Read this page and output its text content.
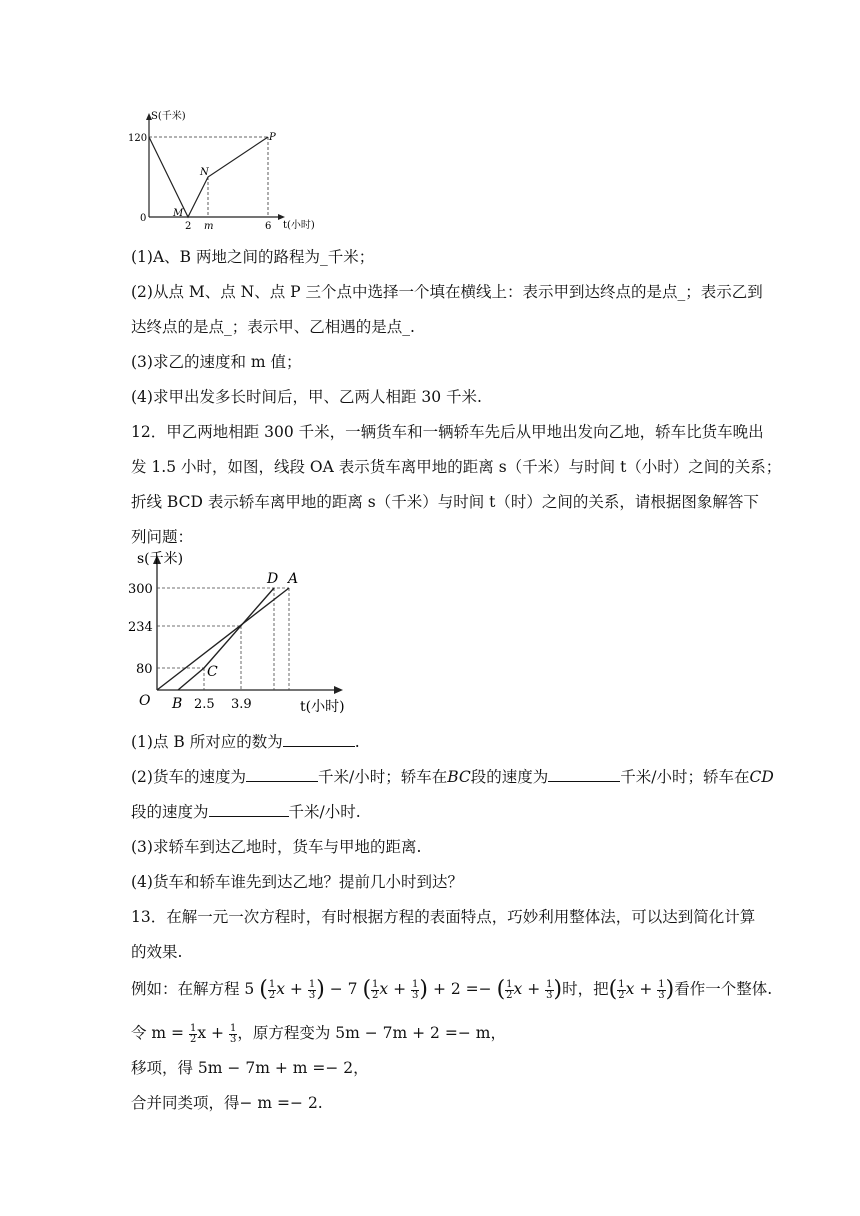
S(千米)
t(小时)
120
0
2 m	6
M
N
P
(1)A、B 两地之间的路程为_千米；
(2)从点 M、点 N、点 P 三个点中选择一个填在横线上：表示甲到达终点的是点_；表示乙到
达终点的是点_；表示甲、乙相遇的是点_.
(3)求乙的速度和 m 值；
(4)求甲出发多长时间后，甲、乙两人相距 30 千米.
12．甲乙两地相距 300 千米，一辆货车和一辆轿车先后从甲地出发向乙地，轿车比货车晚出
发 1.5 小时，如图，线段 OA 表示货车离甲地的距离 s（千米）与时间 t（小时）之间的关系；
折线 BCD 表示轿车离甲地的距离 s（千米）与时间 t（时）之间的关系，请根据图象解答下
列问题：
s(千米)
t(小时)
300
234
80
O B 2.5 3.9
D A
C
(1)点 B 所对应的数为	.
(2)货车的速度为	千米/小时；轿车在BC段的速度为	千米/小时；轿车在CD
段的速度为	千米/小时.
(3)求轿车到达乙地时，货车与甲地的距离.
(4)货车和轿车谁先到达乙地？提前几小时到达？
13．在解一元一次方程时，有时根据方程的表面特点，巧妙利用整体法，可以达到简化计算
的效果.
例如：在解方程 5 ( $\frac{1}{2}$ $x + \frac{1}{3}$ ) − 7 ( $\frac{1}{2}$ $x + \frac{1}{3}$ ) + 2 =− ( $\frac{1}{2}$ $x + \frac{1}{3}$ )时，把( $\frac{1}{2}$ $x + \frac{1}{3}$ )看作一个整体.
令 $m = \frac{1}{2}$ $x + \frac{1}{3}$ ，原方程变为 5m − 7m + 2 =− m，
移项，得 5m − 7m + m =− 2，
合并同类项，得− m =− 2.
